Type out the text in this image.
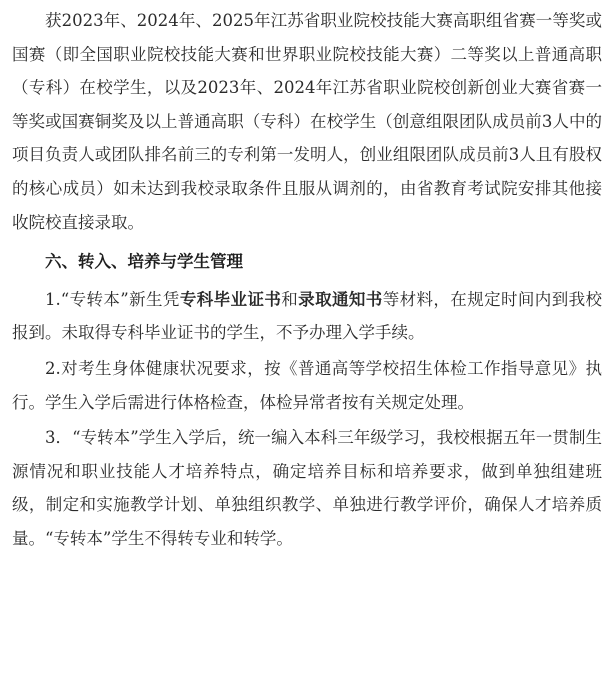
获2023年、2024年、2025年江苏省职业院校技能大赛高职组省赛一等奖或国赛（即全国职业院校技能大赛和世界职业院校技能大赛）二等奖以上普通高职（专科）在校学生，以及2023年、2024年江苏省职业院校创新创业大赛省赛一等奖或国赛铜奖及以上普通高职（专科）在校学生（创意组限团队成员前3人中的项目负责人或团队排名前三的专利第一发明人，创业组限团队成员前3人且有股权的核心成员）如未达到我校录取条件且服从调剂的，由省教育考试院安排其他接收院校直接录取。

六、转入、培养与学生管理

1.“专转本”新生凭专科毕业证书和录取通知书等材料，在规定时间内到我校报到。未取得专科毕业证书的学生，不予办理入学手续。

2.对考生身体健康状况要求，按《普通高等学校招生体检工作指导意见》执行。学生入学后需进行体格检查，体检异常者按有关规定处理。

3．“专转本”学生入学后，统一编入本科三年级学习，我校根据五年一贯制生源情况和职业技能人才培养特点，确定培养目标和培养要求，做到单独组建班级，制定和实施教学计划、单独组织教学、单独进行教学评价，确保人才培养质量。“专转本”学生不得转专业和转学。
